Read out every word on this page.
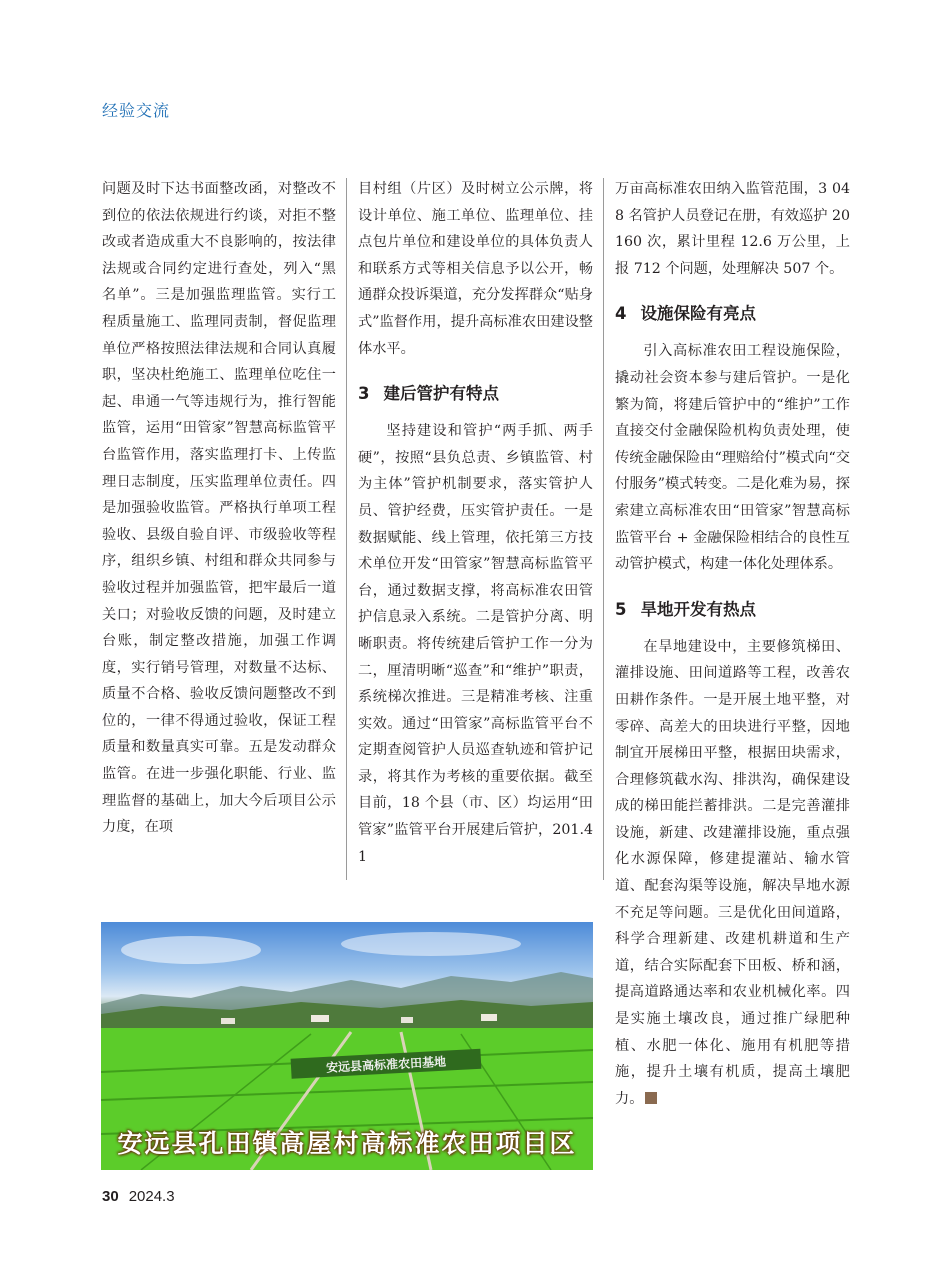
经验交流

问题及时下达书面整改函，对整改不到位的依法依规进行约谈，对拒不整改或者造成重大不良影响的，按法律法规或合同约定进行查处，列入“黑名单”。三是加强监理监管。实行工程质量施工、监理同责制，督促监理单位严格按照法律法规和合同认真履职，坚决杜绝施工、监理单位吃住一起、串通一气等违规行为，推行智能监管，运用“田管家”智慧高标监管平台监管作用，落实监理打卡、上传监理日志制度，压实监理单位责任。四是加强验收监管。严格执行单项工程验收、县级自验自评、市级验收等程序，组织乡镇、村组和群众共同参与验收过程并加强监管，把牢最后一道关口；对验收反馈的问题，及时建立台账，制定整改措施，加强工作调度，实行销号管理，对数量不达标、质量不合格、验收反馈问题整改不到位的，一律不得通过验收，保证工程质量和数量真实可靠。五是发动群众监管。在进一步强化职能、行业、监理监督的基础上，加大今后项目公示力度，在项

目村组（片区）及时树立公示牌，将设计单位、施工单位、监理单位、挂点包片单位和建设单位的具体负责人和联系方式等相关信息予以公开，畅通群众投诉渠道，充分发挥群众“贴身式”监督作用，提升高标准农田建设整体水平。

3 建后管护有特点

坚持建设和管护“两手抓、两手硬”，按照“县负总责、乡镇监管、村为主体”管护机制要求，落实管护人员、管护经费，压实管护责任。一是数据赋能、线上管理，依托第三方技术单位开发“田管家”智慧高标监管平台，通过数据支撑，将高标准农田管护信息录入系统。二是管护分离、明晰职责。将传统建后管护工作一分为二，厘清明晰“巡查”和“维护”职责，系统梯次推进。三是精准考核、注重实效。通过“田管家”高标监管平台不定期查阅管护人员巡查轨迹和管护记录，将其作为考核的重要依据。截至目前，18 个县（市、区）均运用“田管家”监管平台开展建后管护，201.41

万亩高标准农田纳入监管范围，3 048 名管护人员登记在册，有效巡护 20 160 次，累计里程 12.6 万公里，上报 712 个问题，处理解决 507 个。

4 设施保险有亮点

引入高标准农田工程设施保险，撬动社会资本参与建后管护。一是化繁为简，将建后管护中的“维护”工作直接交付金融保险机构负责处理，使传统金融保险由“理赔给付”模式向“交付服务”模式转变。二是化难为易，探索建立高标准农田“田管家”智慧高标监管平台 + 金融保险相结合的良性互动管护模式，构建一体化处理体系。

5 旱地开发有热点

在旱地建设中，主要修筑梯田、灌排设施、田间道路等工程，改善农田耕作条件。一是开展土地平整，对零碎、高差大的田块进行平整，因地制宜开展梯田平整，根据田块需求，合理修筑截水沟、排洪沟，确保建设成的梯田能拦蓄排洪。二是完善灌排设施，新建、改建灌排设施，重点强化水源保障，修建提灌站、输水管道、配套沟渠等设施，解决旱地水源不充足等问题。三是优化田间道路，科学合理新建、改建机耕道和生产道，结合实际配套下田板、桥和涵，提高道路通达率和农业机械化率。四是实施土壤改良，通过推广绿肥种植、水肥一体化、施用有机肥等措施，提升土壤有机质，提高土壤肥力。

安远县高标准农田基地
安远县孔田镇高屋村高标准农田项目区
30 2024.3
